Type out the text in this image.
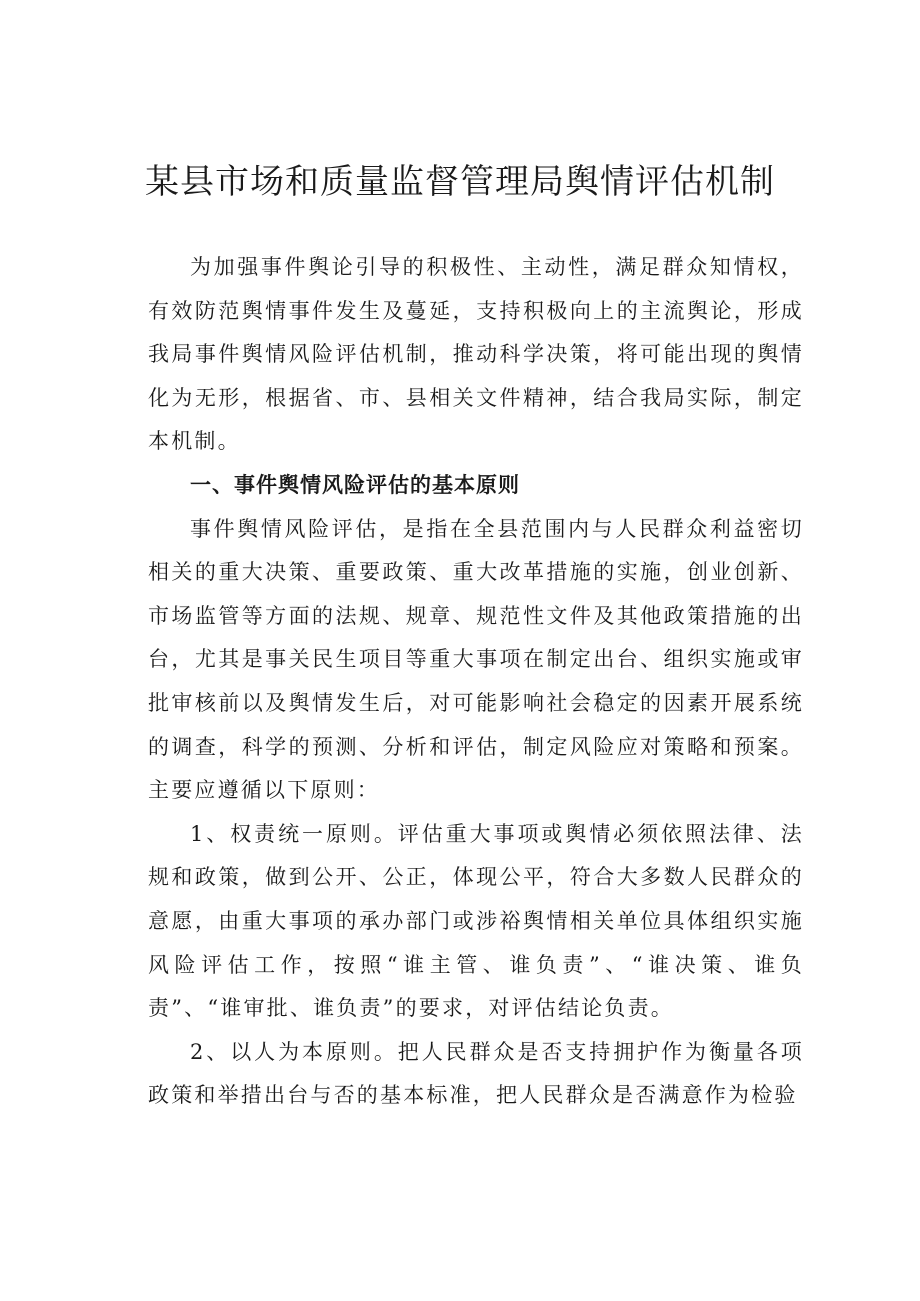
某县市场和质量监督管理局舆情评估机制

为加强事件舆论引导的积极性、主动性，满足群众知情权，有效防范舆情事件发生及蔓延，支持积极向上的主流舆论，形成我局事件舆情风险评估机制，推动科学决策，将可能出现的舆情化为无形，根据省、市、县相关文件精神，结合我局实际，制定本机制。

一、事件舆情风险评估的基本原则

事件舆情风险评估，是指在全县范围内与人民群众利益密切相关的重大决策、重要政策、重大改革措施的实施，创业创新、市场监管等方面的法规、规章、规范性文件及其他政策措施的出台，尤其是事关民生项目等重大事项在制定出台、组织实施或审批审核前以及舆情发生后，对可能影响社会稳定的因素开展系统的调查，科学的预测、分析和评估，制定风险应对策略和预案。主要应遵循以下原则：

1、权责统一原则。评估重大事项或舆情必须依照法律、法规和政策，做到公开、公正，体现公平，符合大多数人民群众的意愿，由重大事项的承办部门或涉裕舆情相关单位具体组织实施风险评估工作，按照“谁主管、谁负责”、“谁决策、谁负责”、“谁审批、谁负责”的要求，对评估结论负责。

2、以人为本原则。把人民群众是否支持拥护作为衡量各项政策和举措出台与否的基本标准，把人民群众是否满意作为检验
